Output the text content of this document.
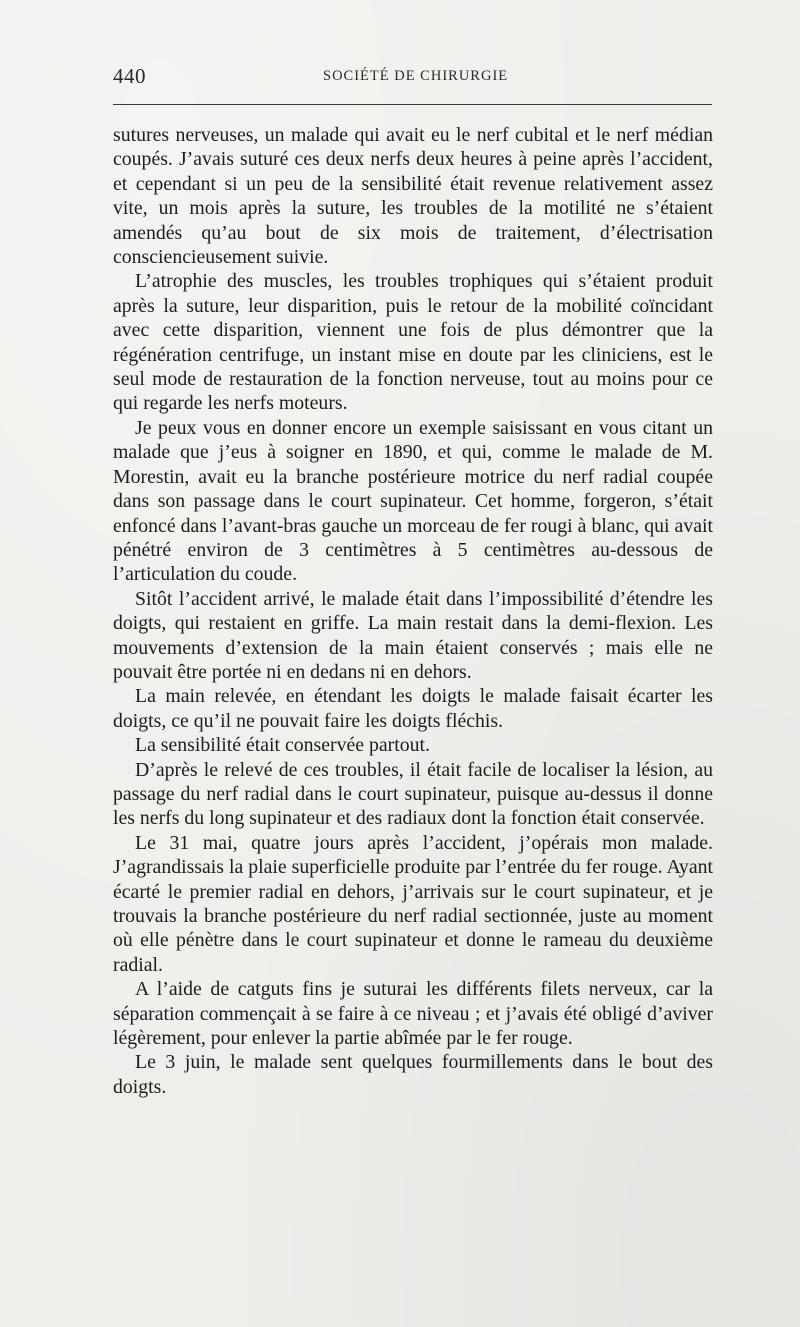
440	SOCIÉTÉ DE CHIRURGIE

sutures nerveuses, un malade qui avait eu le nerf cubital et le nerf médian coupés. J’avais suturé ces deux nerfs deux heures à peine après l’accident, et cependant si un peu de la sensibilité était revenue relativement assez vite, un mois après la suture, les troubles de la motilité ne s’étaient amendés qu’au bout de six mois de traitement, d’électrisation consciencieusement suivie.

L’atrophie des muscles, les troubles trophiques qui s’étaient produit après la suture, leur disparition, puis le retour de la mobilité coïncidant avec cette disparition, viennent une fois de plus démontrer que la régénération centrifuge, un instant mise en doute par les cliniciens, est le seul mode de restauration de la fonction nerveuse, tout au moins pour ce qui regarde les nerfs moteurs.

Je peux vous en donner encore un exemple saisissant en vous citant un malade que j’eus à soigner en 1890, et qui, comme le malade de M. Morestin, avait eu la branche postérieure motrice du nerf radial coupée dans son passage dans le court supinateur. Cet homme, forgeron, s’était enfoncé dans l’avant-bras gauche un morceau de fer rougi à blanc, qui avait pénétré environ de 3 centimètres à 5 centimètres au-dessous de l’articulation du coude.

Sitôt l’accident arrivé, le malade était dans l’impossibilité d’étendre les doigts, qui restaient en griffe. La main restait dans la demi-flexion. Les mouvements d’extension de la main étaient conservés ; mais elle ne pouvait être portée ni en dedans ni en dehors.

La main relevée, en étendant les doigts le malade faisait écarter les doigts, ce qu’il ne pouvait faire les doigts fléchis.

La sensibilité était conservée partout.

D’après le relevé de ces troubles, il était facile de localiser la lésion, au passage du nerf radial dans le court supinateur, puisque au-dessus il donne les nerfs du long supinateur et des radiaux dont la fonction était conservée.

Le 31 mai, quatre jours après l’accident, j’opérais mon malade. J’agrandissais la plaie superficielle produite par l’entrée du fer rouge. Ayant écarté le premier radial en dehors, j’arrivais sur le court supinateur, et je trouvais la branche postérieure du nerf radial sectionnée, juste au moment où elle pénètre dans le court supinateur et donne le rameau du deuxième radial.

A l’aide de catguts fins je suturai les différents filets nerveux, car la séparation commençait à se faire à ce niveau ; et j’avais été obligé d’aviver légèrement, pour enlever la partie abîmée par le fer rouge.

Le 3 juin, le malade sent quelques fourmillements dans le bout des doigts.
